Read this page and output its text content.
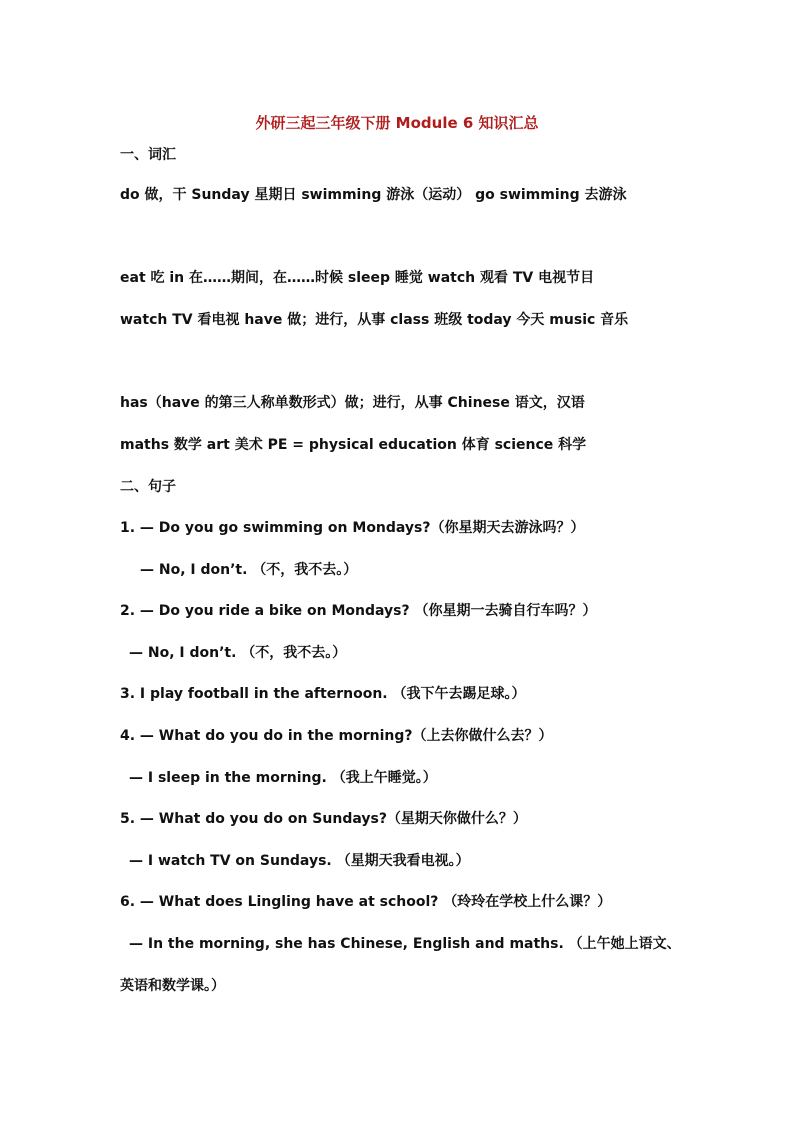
外研三起三年级下册 Module 6 知识汇总
一、词汇
do 做，干 Sunday 星期日 swimming 游泳（运动） go swimming 去游泳
eat 吃 in 在……期间，在……时候 sleep 睡觉 watch 观看 TV 电视节目
watch TV 看电视 have 做；进行，从事 class 班级 today 今天 music 音乐
has（have 的第三人称单数形式）做；进行，从事 Chinese 语文，汉语
maths 数学 art 美术 PE = physical education 体育 science 科学
二、句子
1. — Do you go swimming on Mondays?（你星期天去游泳吗？）
— No, I don’t. （不，我不去。）
2. — Do you ride a bike on Mondays? （你星期一去骑自行车吗？）
— No, I don’t. （不，我不去。）
3. I play football in the afternoon. （我下午去踢足球。）
4. — What do you do in the morning?（上去你做什么去？）
— I sleep in the morning. （我上午睡觉。）
5. — What do you do on Sundays?（星期天你做什么？）
— I watch TV on Sundays. （星期天我看电视。）
6. — What does Lingling have at school? （玲玲在学校上什么课？）
— In the morning, she has Chinese, English and maths. （上午她上语文、
英语和数学课。）
